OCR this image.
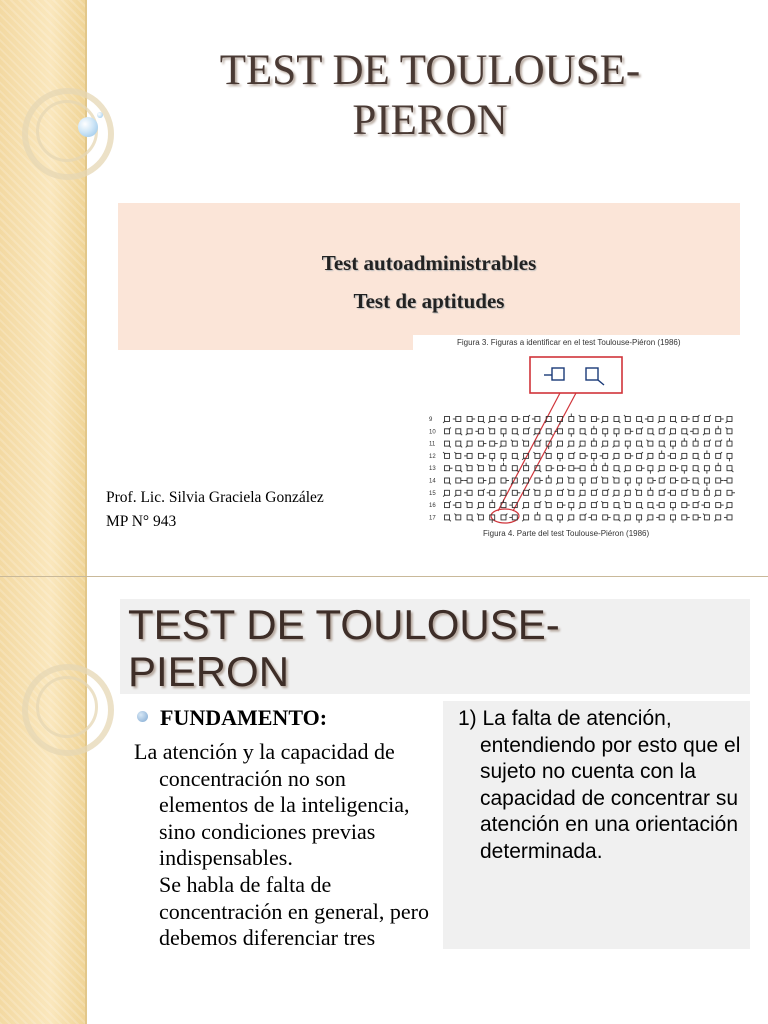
TEST DE TOULOUSE-PIERON
Test autoadministrables
Test de aptitudes
Prof. Lic. Silvia Graciela González
MP N° 943
Figura 3. Figuras a identificar en el test Toulouse-Piéron (1986)
Figura 4. Parte del test Toulouse-Piéron (1986)
9
10
11
12
13
14
15
16
17
TEST DE TOULOUSE-PIERON
FUNDAMENTO:
La atención y la capacidad de concentración no son elementos de la inteligencia, sino condiciones previas indispensables.
Se habla de falta de concentración en general, pero debemos diferenciar tres
1) La falta de atención, entendiendo por esto que el sujeto no cuenta con la capacidad de concentrar su atención en una orientación determinada.
